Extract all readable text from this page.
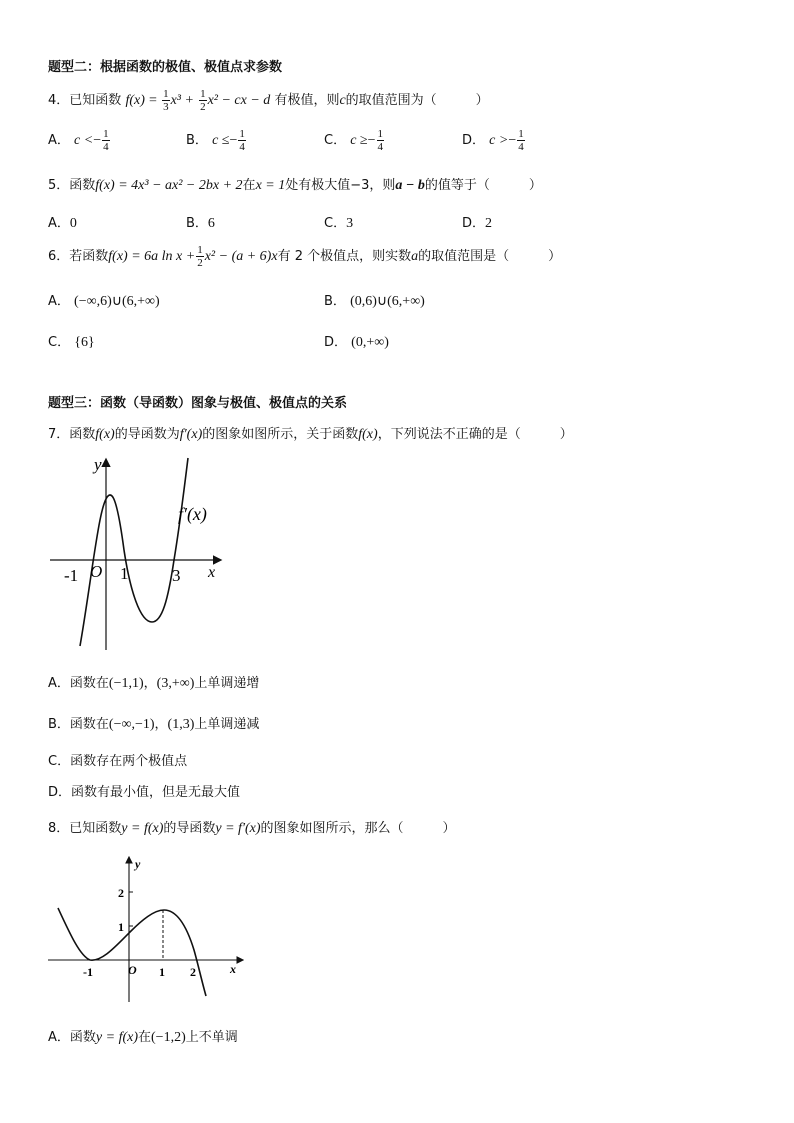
题型二：根据函数的极值、极值点求参数
4．已知函数 $f(x) = \frac{1}{3} x^3 + \frac{1}{2} x^2$ − cx − d 有极值，则c的取值范围为（　　　）
A． $c <- \frac{1}{4}$	B． $c \le- \frac{1}{4}$	C． $c \ge- \frac{1}{4}$	D． $c >- \frac{1}{4}$
5．函数f(x) = 4x³ − ax² − 2bx + 2在x = 1处有极大值−3，则a − b的值等于（　　　）
A．0	B．6	C．3	D．2
6．若函数f(x) = 6a $\ln x + \frac{1}{2} x^2 - (a + 6)x$有 2 个极值点，则实数a的取值范围是（　　　）
A． (−∞,6)∪(6,+∞)	B． (0,6)∪(6,+∞)
C． {6}	D． (0,+∞)
题型三：函数（导函数）图象与极值、极值点的关系
7．函数f(x)的导函数为f′(x)的图象如图所示，关于函数f(x)，下列说法不正确的是（　　　）
y
x
f′(x)
-1 O 1	3
A．函数在(−1,1)，(3,+∞)上单调递增
B．函数在(−∞,−1)，(1,3)上单调递减
C．函数存在两个极值点
D．函数有最小值，但是无最大值
8．已知函数y = f(x)的导函数y = f′(x)的图象如图所示，那么（　　　）
y
x
-1	O 1 2
1
2
A．函数y = f(x)在(−1,2)上不单调
